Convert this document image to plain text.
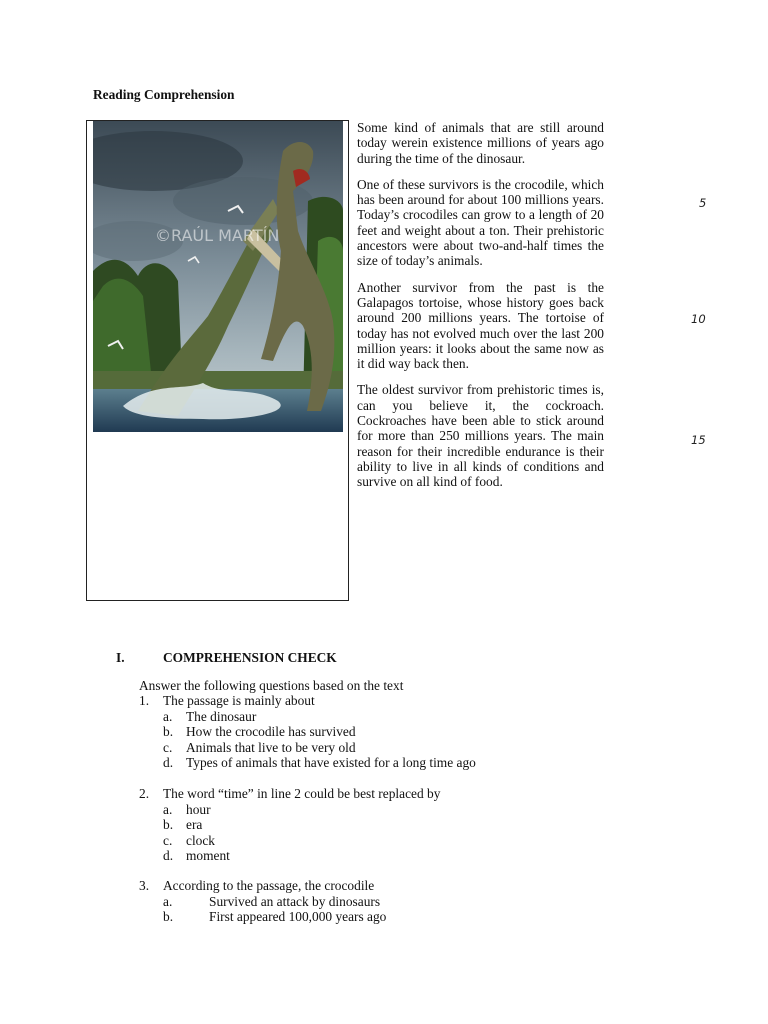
Reading Comprehension
©RAÚL MARTÍN

Some kind of animals that are still around today werein existence millions of years ago during the time of the dinosaur.

One of these survivors is the crocodile, which has been around for about 100 millions years. Today’s crocodiles can grow to a length of 20 feet and weight about a ton. Their prehistoric ancestors were about two-and-half times the size of today’s animals.

Another survivor from the past is the Galapagos tortoise, whose history goes back around 200 millions years. The tortoise of today has not evolved much over the last 200 million years: it looks about the same now as it did way back then.

The oldest survivor from prehistoric times is, can you believe it, the cockroach. Cockroaches have been able to stick around for more than 250 millions years. The main reason for their incredible endurance is their ability to live in all kinds of conditions and survive on all kind of food.

5
10
15
I.	COMPREHENSION CHECK
Answer the following questions based on the text
1. The passage is mainly about
a. The dinosaur
b. How the crocodile has survived
c. Animals that live to be very old
d. Types of animals that have existed for a long time ago
2. The word “time” in line 2 could be best replaced by
a. hour
b. era
c. clock
d. moment
3. According to the passage, the crocodile
a.	Survived an attack by dinosaurs
b.	First appeared 100,000 years ago
